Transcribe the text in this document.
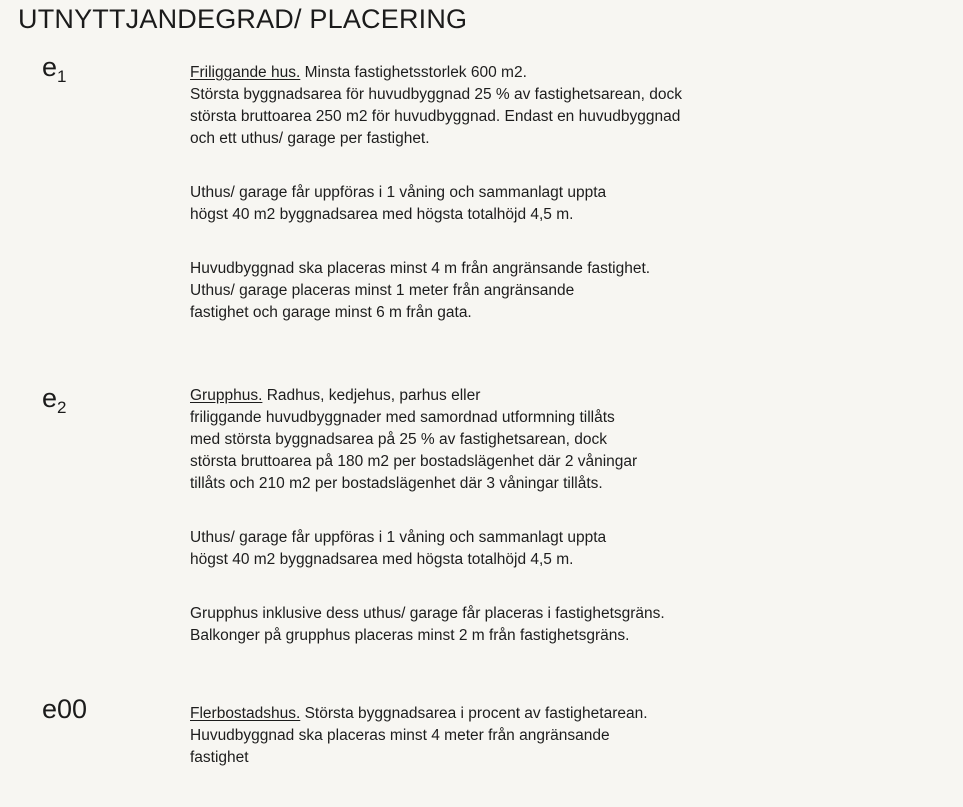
UTNYTTJANDEGRAD/ PLACERING
$e_1$	Friliggande hus. Minsta fastighetsstorlek 600 m2.
Största byggnadsarea för huvudbyggnad 25 % av fastighetsarean, dock
största bruttoarea 250 m2 för huvudbyggnad. Endast en huvudbyggnad
och ett uthus/ garage per fastighet.
Uthus/ garage får uppföras i 1 våning och sammanlagt uppta
högst 40 m2 byggnadsarea med högsta totalhöjd 4,5 m.
Huvudbyggnad ska placeras minst 4 m från angränsande fastighet.
Uthus/ garage placeras minst 1 meter från angränsande
fastighet och garage minst 6 m från gata.
$e_2$
Grupphus. Radhus, kedjehus, parhus eller
friliggande huvudbyggnader med samordnad utformning tillåts
med största byggnadsarea på 25 % av fastighetsarean, dock
största bruttoarea på 180 m2 per bostadslägenhet där 2 våningar
tillåts och 210 m2 per bostadslägenhet där 3 våningar tillåts.
Uthus/ garage får uppföras i 1 våning och sammanlagt uppta
högst 40 m2 byggnadsarea med högsta totalhöjd 4,5 m.
Grupphus inklusive dess uthus/ garage får placeras i fastighetsgräns.
Balkonger på grupphus placeras minst 2 m från fastighetsgräns.
e00	Flerbostadshus. Största byggnadsarea i procent av fastighetarean.
Huvudbyggnad ska placeras minst 4 meter från angränsande
fastighet
